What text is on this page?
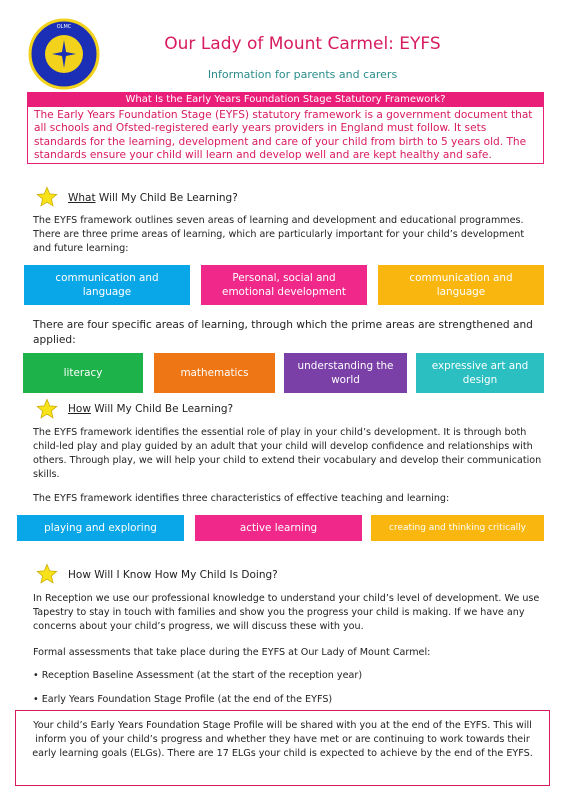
OLMC
Our Lady of Mount Carmel: EYFS
Information for parents and carers
What Is the Early Years Foundation Stage Statutory Framework?
The Early Years Foundation Stage (EYFS) statutory framework is a government document that all schools and Ofsted-registered early years providers in England must follow. It sets standards for the learning, development and care of your child from birth to 5 years old. The standards ensure your child will learn and develop well and are kept healthy and safe.
What Will My Child Be Learning?
The EYFS framework outlines seven areas of learning and development and educational programmes. There are three prime areas of learning, which are particularly important for your child’s development and future learning:
communication and language
Personal, social and emotional development
communication and language
There are four specific areas of learning, through which the prime areas are strengthened and applied:
literacy	mathematics
understanding the world
expressive art and design
How Will My Child Be Learning?
The EYFS framework identifies the essential role of play in your child’s development. It is through both child-led play and play guided by an adult that your child will develop confidence and relationships with others. Through play, we will help your child to extend their vocabulary and develop their communication skills.
The EYFS framework identifies three characteristics of effective teaching and learning:
playing and exploring	active learning	creating and thinking critically
How Will I Know How My Child Is Doing?
In Reception we use our professional knowledge to understand your child’s level of development. We use Tapestry to stay in touch with families and show you the progress your child is making. If we have any concerns about your child’s progress, we will discuss these with you.
Formal assessments that take place during the EYFS at Our Lady of Mount Carmel:
• Reception Baseline Assessment (at the start of the reception year)
• Early Years Foundation Stage Profile (at the end of the EYFS)
Your child’s Early Years Foundation Stage Profile will be shared with you at the end of the EYFS. This will inform you of your child’s progress and whether they have met or are continuing to work towards their early learning goals (ELGs). There are 17 ELGs your child is expected to achieve by the end of the EYFS.
